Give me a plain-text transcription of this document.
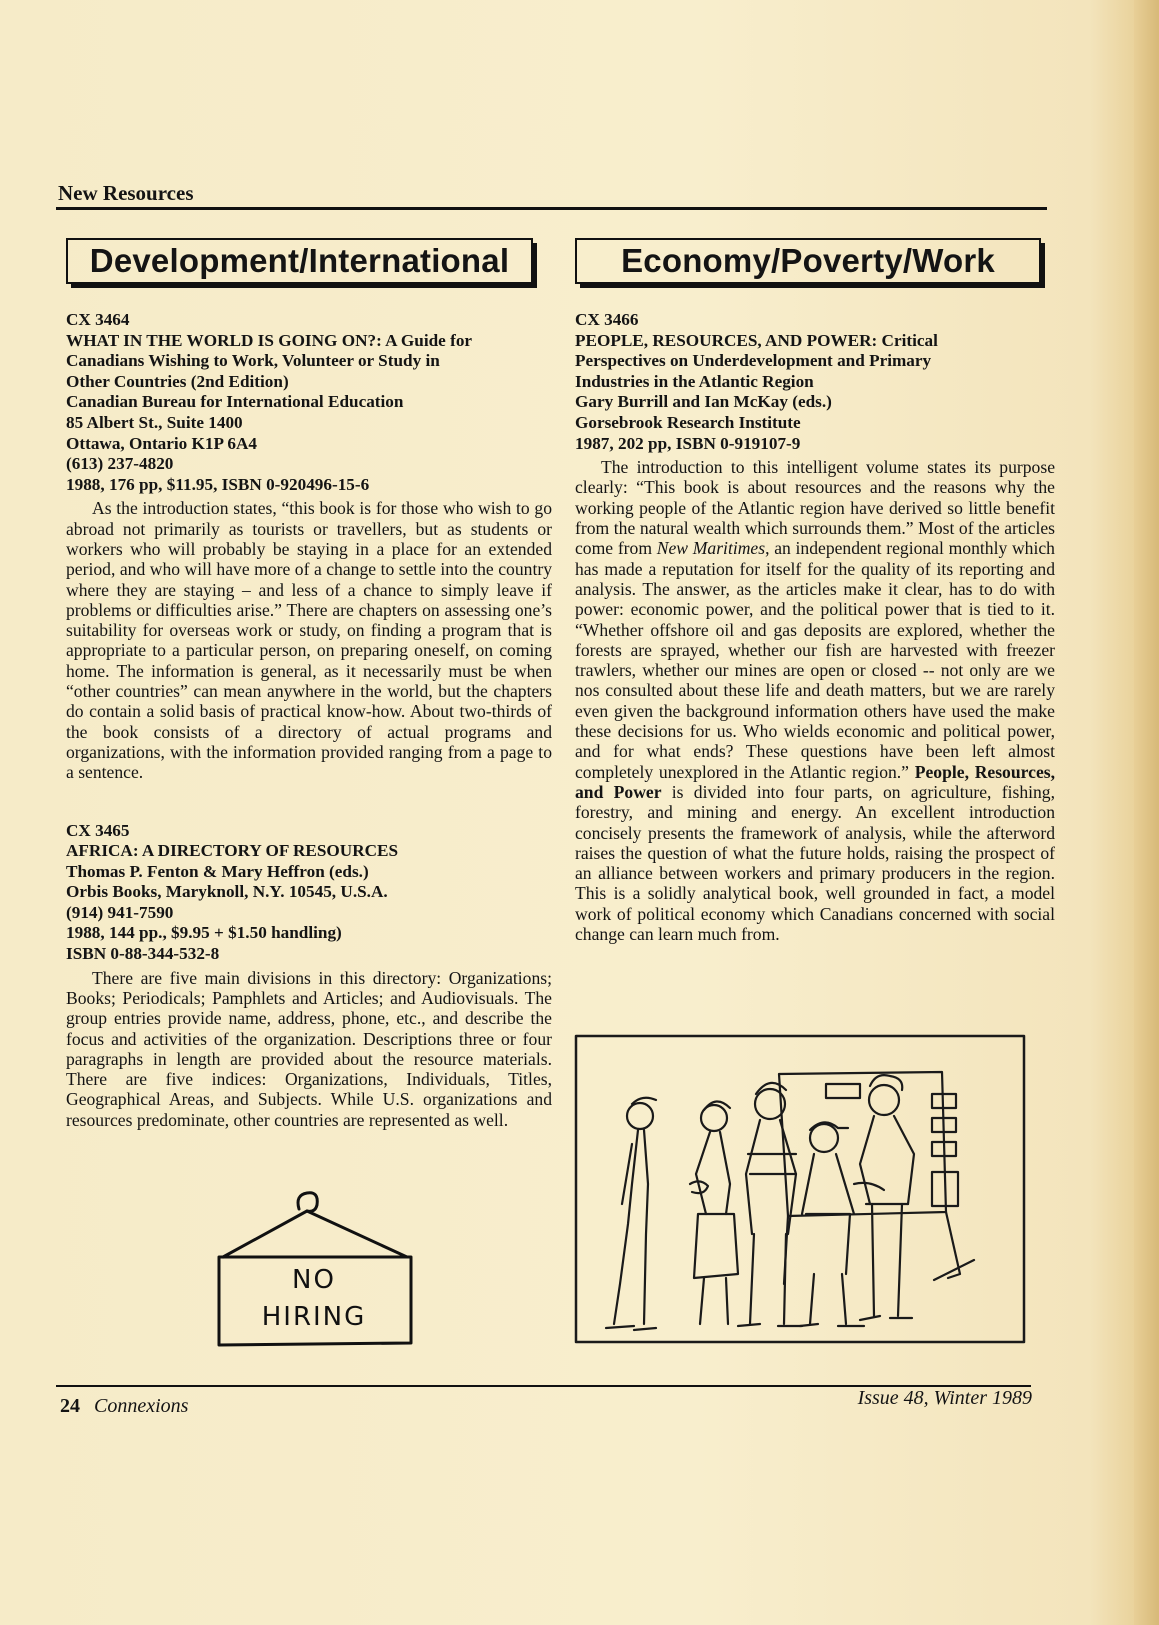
New Resources
Development/International	Economy/Poverty/Work
CX 3464
WHAT IN THE WORLD IS GOING ON?: A Guide for
Canadians Wishing to Work, Volunteer or Study in
Other Countries (2nd Edition)
Canadian Bureau for International Education
85 Albert St., Suite 1400
Ottawa, Ontario K1P 6A4
(613) 237-4820
1988, 176 pp, $11.95, ISBN 0-920496-15-6

As the introduction states, “this book is for those who wish to go abroad not primarily as tourists or travellers, but as students or workers who will probably be staying in a place for an extended period, and who will have more of a change to settle into the country where they are staying – and less of a chance to simply leave if problems or difficulties arise.” There are chapters on assessing one’s suitability for overseas work or study, on finding a program that is appropriate to a particular person, on preparing oneself, on coming home. The information is general, as it necessarily must be when “other countries” can mean anywhere in the world, but the chapters do contain a solid basis of practical know-how. About two-thirds of the book consists of a directory of actual programs and organizations, with the information provided ranging from a page to a sentence.

CX 3465
AFRICA: A DIRECTORY OF RESOURCES
Thomas P. Fenton & Mary Heffron (eds.)
Orbis Books, Maryknoll, N.Y. 10545, U.S.A.
(914) 941-7590
1988, 144 pp., $9.95 + $1.50 handling)
ISBN 0-88-344-532-8

There are five main divisions in this directory: Organizations; Books; Periodicals; Pamphlets and Articles; and Audiovisuals. The group entries provide name, address, phone, etc., and describe the focus and activities of the organization. Descriptions three or four paragraphs in length are provided about the resource materials. There are five indices: Organizations, Individuals, Titles, Geographical Areas, and Subjects. While U.S. organizations and resources predominate, other countries are represented as well.

CX 3466
PEOPLE, RESOURCES, AND POWER: Critical
Perspectives on Underdevelopment and Primary
Industries in the Atlantic Region
Gary Burrill and Ian McKay (eds.)
Gorsebrook Research Institute
1987, 202 pp, ISBN 0-919107-9

The introduction to this intelligent volume states its purpose clearly: “This book is about resources and the reasons why the working people of the Atlantic region have derived so little benefit from the natural wealth which surrounds them.” Most of the articles come from New Maritimes, an independent regional monthly which has made a reputation for itself for the quality of its reporting and analysis. The answer, as the articles make it clear, has to do with power: economic power, and the political power that is tied to it. “Whether offshore oil and gas deposits are explored, whether the forests are sprayed, whether our fish are harvested with freezer trawlers, whether our mines are open or closed -- not only are we nos consulted about these life and death matters, but we are rarely even given the background information others have used the make these decisions for us. Who wields economic and political power, and for what ends? These questions have been left almost completely unexplored in the Atlantic region.” People, Resources, and Power is divided into four parts, on agriculture, fishing, forestry, and mining and energy. An excellent introduction concisely presents the framework of analysis, while the afterword raises the question of what the future holds, raising the prospect of an alliance between workers and primary producers in the region. This is a solidly analytical book, well grounded in fact, a model work of political economy which Canadians concerned with social change can learn much from.

NO
HIRING
24 Connexions	Issue 48, Winter 1989
